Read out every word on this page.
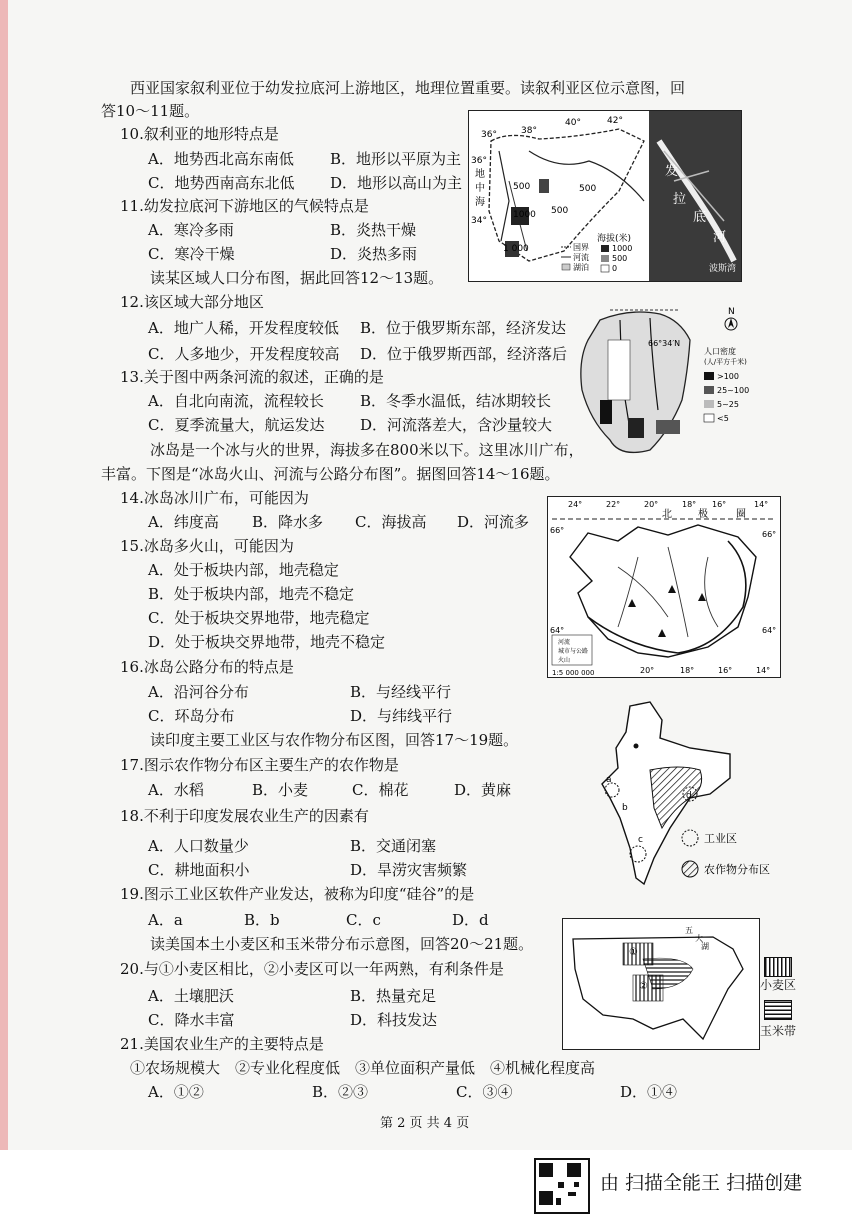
西亚国家叙利亚位于幼发拉底河上游地区，地理位置重要。读叙利亚区位示意图，回
答10～11题。
10.叙利亚的地形特点是
A．地势西北高东南低 B．地形以平原为主
C．地势西南高东北低 D．地形以高山为主
11.幼发拉底河下游地区的气候特点是
A．寒冷多雨	B．炎热干燥
C．寒冷干燥	D．炎热多雨
36°	38°
40°	42°
36°
34°
地
中
海
500
1000 500
500
1 000
海拔(米)
1000
500
0
国界
河流
湖泊
发
拉
底
河
波斯湾
读某区域人口分布图，据此回答12～13题。
12.该区域大部分地区
A．地广人稀，开发程度较低 B．位于俄罗斯东部，经济发达
C．人多地少，开发程度较高 D．位于俄罗斯西部，经济落后
13.关于图中两条河流的叙述，正确的是
A．自北向南流，流程较长 B．冬季水温低，结冰期较长
C．夏季流量大，航运发达 D．河流落差大，含沙量较大
66°34′N
N
人口密度
(人/平方千米)
>100
25~100
5~25
<5
冰岛是一个冰与火的世界，海拔多在800米以下。这里冰川广布，
丰富。下图是“冰岛火山、河流与公路分布图”。据图回答14～16题。
14.冰岛冰川广布，可能因为
A．纬度高 B．降水多 C．海拔高 D．河流多
15.冰岛多火山，可能因为
A．处于板块内部，地壳稳定
B．处于板块内部，地壳不稳定
C．处于板块交界地带，地壳稳定
D．处于板块交界地带，地壳不稳定
16.冰岛公路分布的特点是
A．沿河谷分布	B．与经线平行
C．环岛分布	D．与纬线平行
24°	22°	20°	18° 16°	14°
北	极	圈
66°	66°
64°	64°
河流
城市与公路
火山
1:5 000 000	20°	18°	16°	14°
读印度主要工业区与农作物分布区图，回答17～19题。
17.图示农作物分布区主要生产的农作物是
A．水稻	B．小麦	C．棉花	D．黄麻
18.不利于印度发展农业生产的因素有
A．人口数量少	B．交通闭塞
C．耕地面积小	D．旱涝灾害频繁
19.图示工业区软件产业发达，被称为印度“硅谷”的是
A．a	B．b	C．c	D．d
a
b
c
d
工业区
农作物分布区
读美国本土小麦区和玉米带分布示意图，回答20～21题。
20.与①小麦区相比，②小麦区可以一年两熟，有利条件是
A．土壤肥沃	B．热量充足
C．降水丰富	D．科技发达
21.美国农业生产的主要特点是
①农场规模大　②专业化程度低　③单位面积产量低　④机械化程度高
A．①②	B．②③	C．③④	D．①④
五
大
湖
①
②	小麦区
玉米带
第 2 页 共 4 页
由 扫描全能王 扫描创建
